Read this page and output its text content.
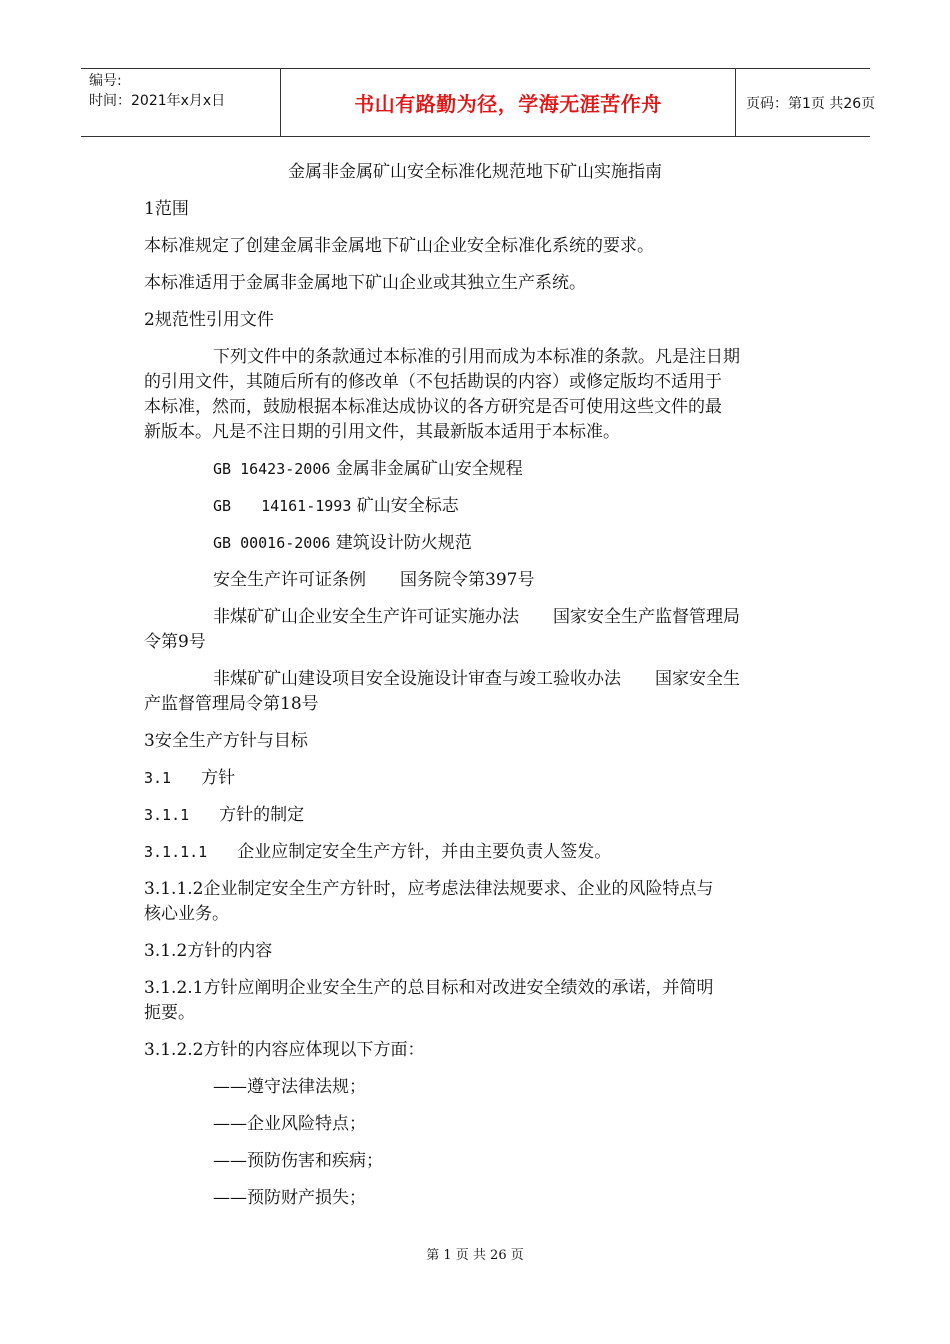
编号:
时间：2021年x月x日	书山有路勤为径，学海无涯苦作舟	页码：第1页 共26页
金属非金属矿山安全标准化规范地下矿山实施指南
1范围
本标准规定了创建金属非金属地下矿山企业安全标准化系统的要求。
本标准适用于金属非金属地下矿山企业或其独立生产系统。
2规范性引用文件
下列文件中的条款通过本标准的引用而成为本标准的条款。凡是注日期
的引用文件，其随后所有的修改单（不包括勘误的内容）或修定版均不适用于
本标准，然而，鼓励根据本标准达成协议的各方研究是否可使用这些文件的最
新版本。凡是不注日期的引用文件，其最新版本适用于本标准。
GB 16423-2006 金属非金属矿山安全规程
GB 14161-1993 矿山安全标志
GB 00016-2006 建筑设计防火规范
安全生产许可证条例 国务院令第397号
非煤矿矿山企业安全生产许可证实施办法 国家安全生产监督管理局
令第9号
非煤矿矿山建设项目安全设施设计审查与竣工验收办法 国家安全生
产监督管理局令第18号
3安全生产方针与目标
3.1 方针
3.1.1 方针的制定
3.1.1.1 企业应制定安全生产方针，并由主要负责人签发。
3.1.1.2企业制定安全生产方针时，应考虑法律法规要求、企业的风险特点与
核心业务。
3.1.2方针的内容
3.1.2.1方针应阐明企业安全生产的总目标和对改进安全绩效的承诺，并简明
扼要。
3.1.2.2方针的内容应体现以下方面：
——遵守法律法规；
——企业风险特点；
——预防伤害和疾病；
——预防财产损失；
第 1 页 共 26 页
